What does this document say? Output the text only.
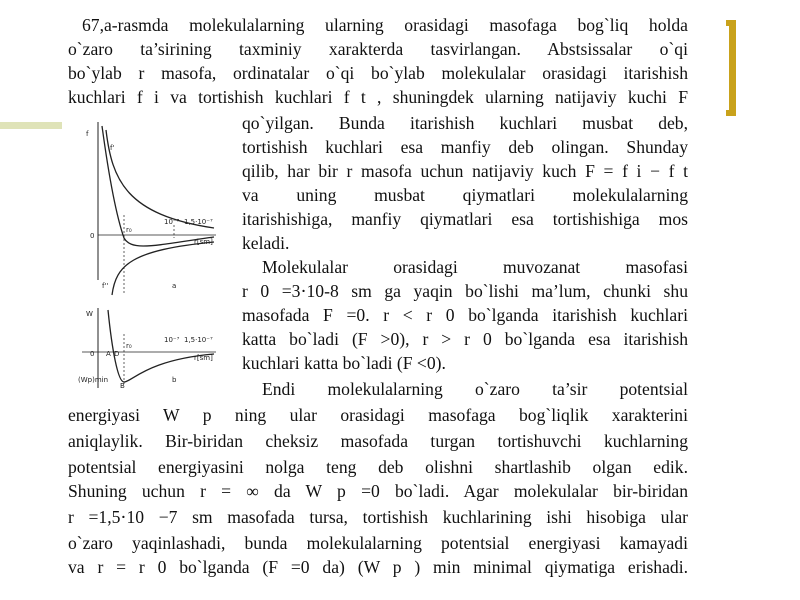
67,a-rasmda molekulalarning ularning orasidagi masofaga bog`liq holda
o`zaro ta’sirining taxminiy xarakterda tasvirlangan. Abstsissalar o`qi
bo`ylab r masofa, ordinatalar o`qi bo`ylab molekulalar orasidagi itarishish
kuchlari f i va tortishish kuchlari f t , shuningdek ularning natijaviy kuchi F
qo`yilgan. Bunda itarishish kuchlari musbat deb,
tortishish kuchlari esa manfiy deb olingan. Shunday
qilib, har bir r masofa uchun natijaviy kuch F = f i − f t
va uning musbat qiymatlari molekulalarning
itarishishiga, manfiy qiymatlari esa tortishishiga mos
keladi.
Molekulalar orasidagi muvozanat masofasi
r 0 =3⋅10-8 sm ga yaqin bo`lishi ma’lum, chunki shu
masofada F =0. r < r 0 bo`lganda itarishish kuchlari
katta bo`ladi (F >0), r > r 0 bo`lganda esa itarishish
kuchlari katta bo`ladi (F <0).
Endi molekulalarning o`zaro ta’sir potentsial
energiyasi W p ning ular orasidagi masofaga bog`liqlik xarakterini
aniqlaylik. Bir-biridan cheksiz masofada turgan tortishuvchi kuchlarning
potentsial energiyasini nolga teng deb olishni shartlashib olgan edik.
Shuning uchun r = ∞ da W p =0 bo`ladi. Agar molekulalar bir-biridan
r =1,5⋅10 −7 sm masofada tursa, tortishish kuchlarining ishi hisobiga ular
o`zaro yaqinlashadi, bunda molekulalarning potentsial energiyasi kamayadi
va r = r 0 bo`lganda (F =0 da) (W p ) min minimal qiymatiga erishadi.
f
f'
f''
0
r₀
10⁻⁷ 1,5·10⁻⁷
r[sm]
a
W
0 A D
r₀
10⁻⁷ 1,5·10⁻⁷
r[sm]
(Wp)min
B
b
